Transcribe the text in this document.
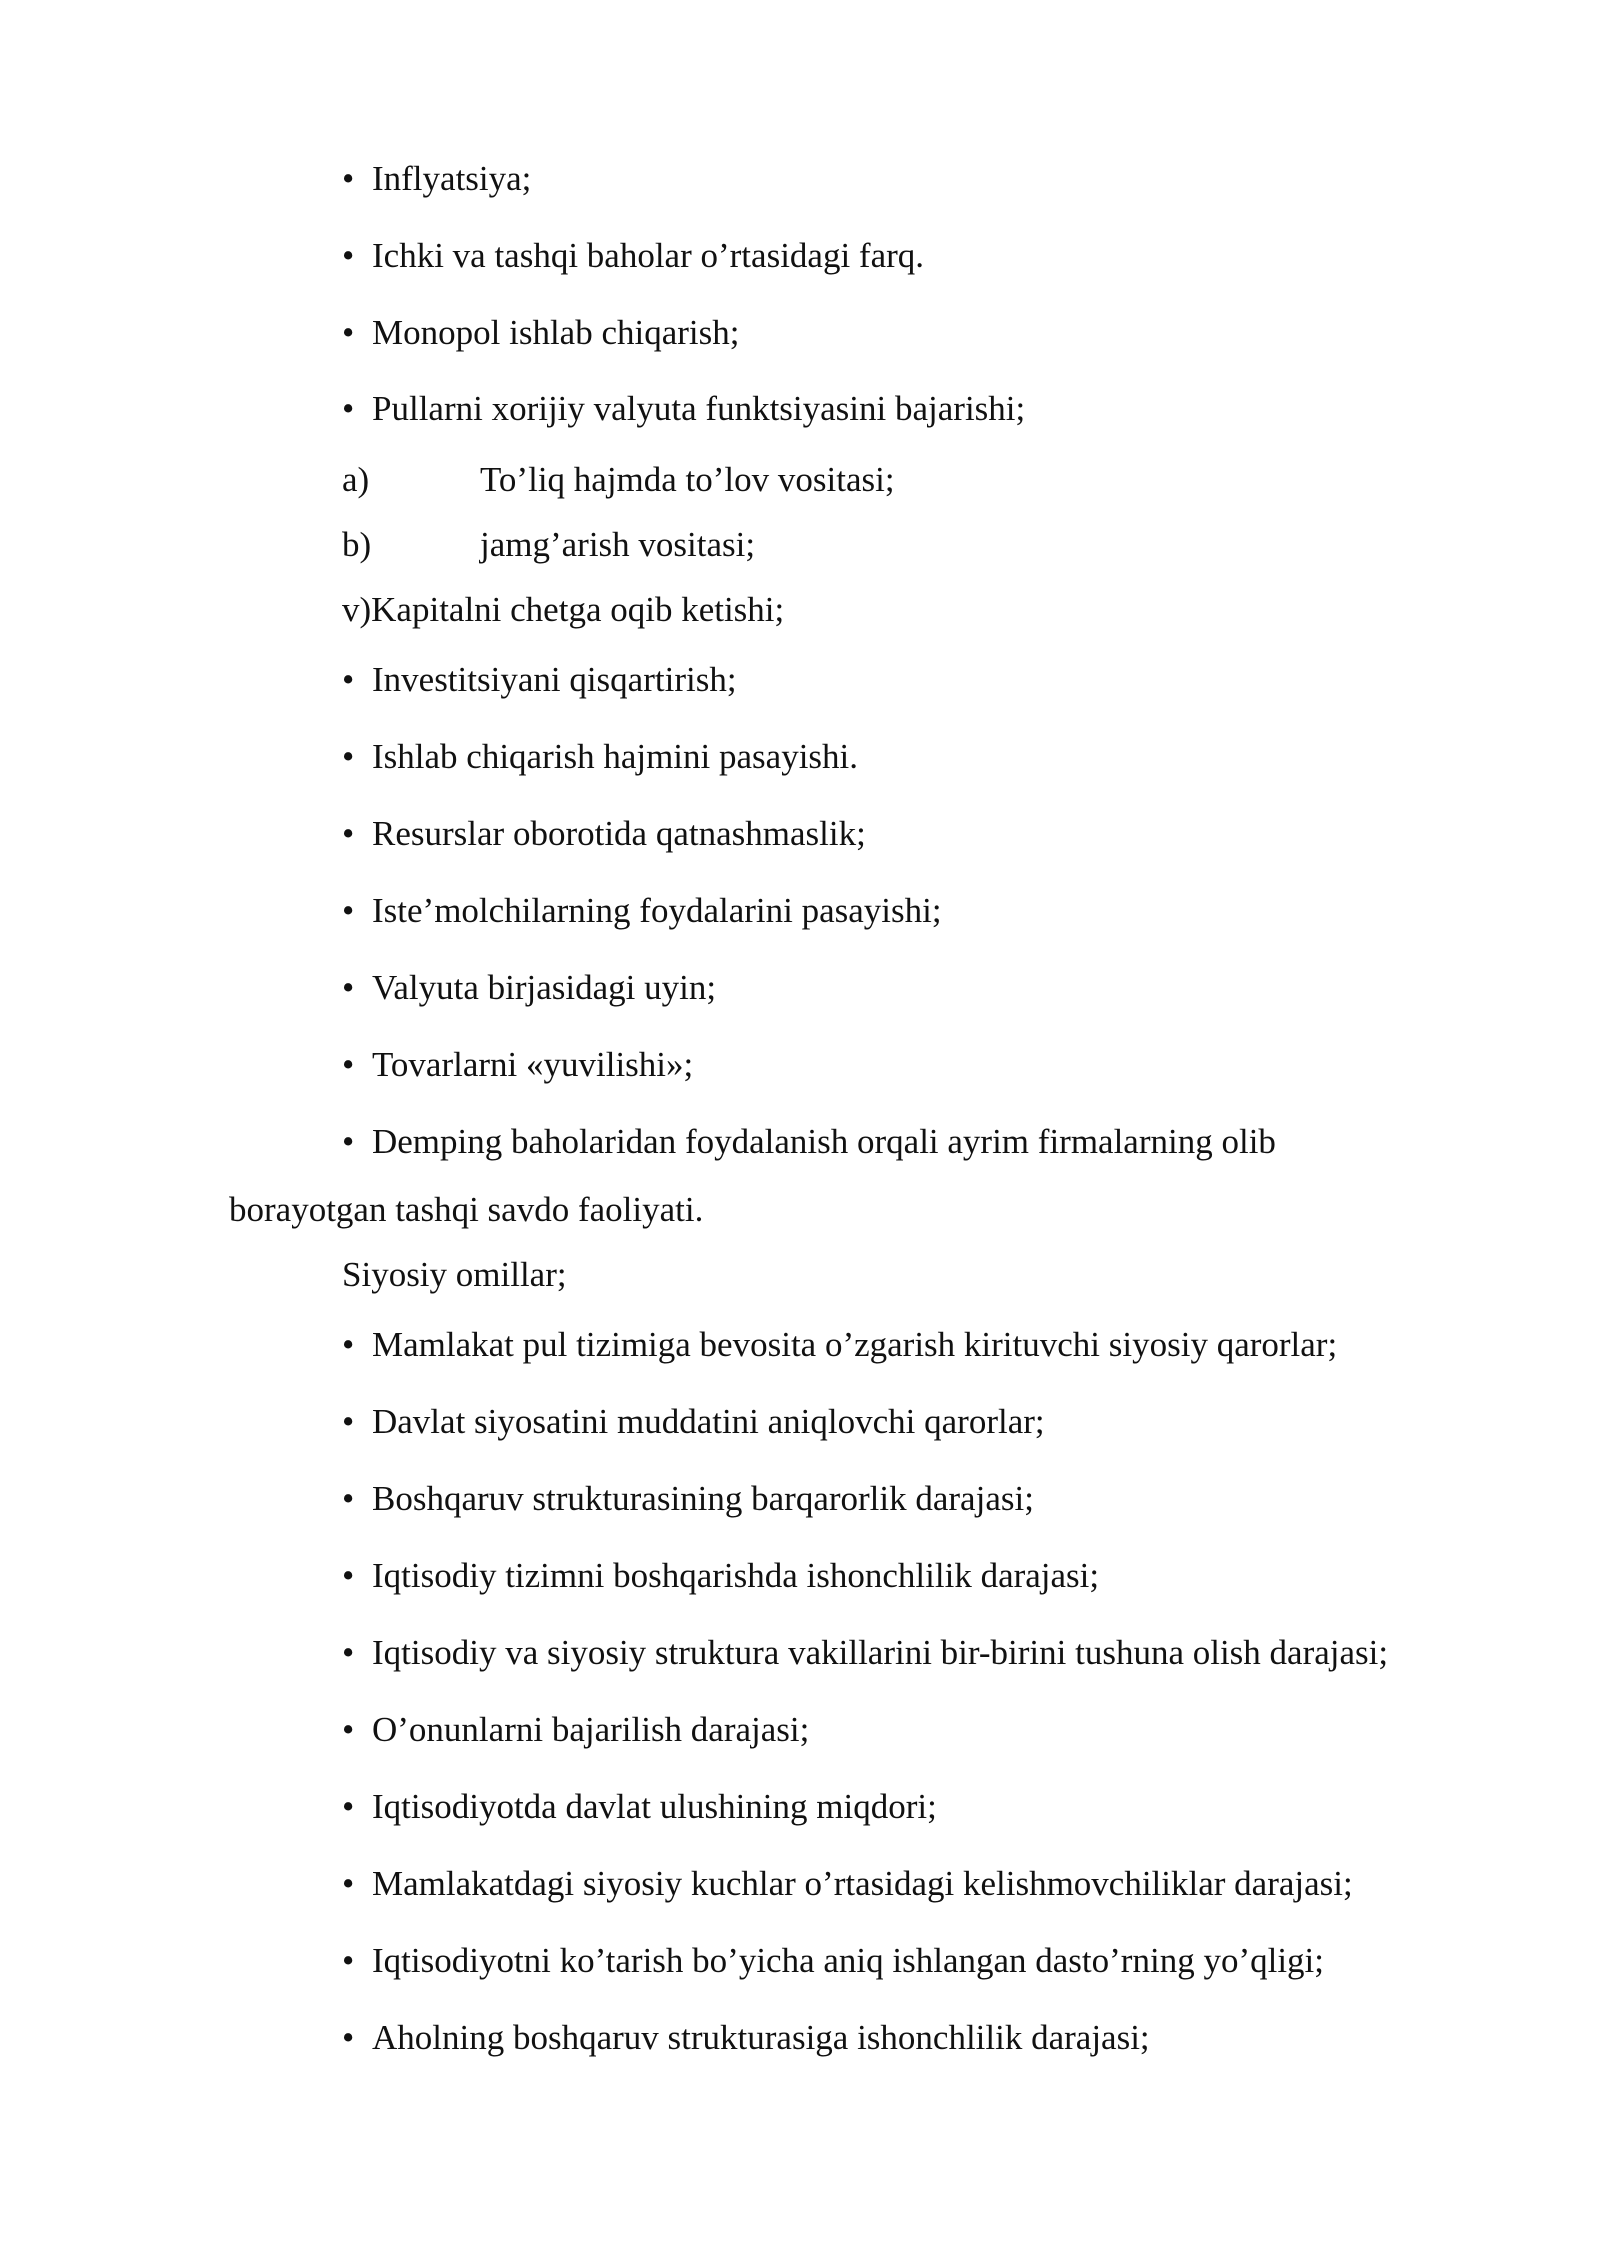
• Inflyatsiya;
• Ichki va tashqi baholar o’rtasidagi farq.
• Monopol ishlab chiqarish;
• Pullarni xorijiy valyuta funktsiyasini bajarishi;
a)	To’liq hajmda to’lov vositasi;
b)	jamg’arish vositasi;
v)Kapitalni chetga oqib ketishi;
• Investitsiyani qisqartirish;
• Ishlab chiqarish hajmini pasayishi.
• Resurslar oborotida qatnashmaslik;
• Iste’molchilarning foydalarini pasayishi;
• Valyuta birjasidagi uyin;
• Tovarlarni «yuvilishi»;
• Demping baholaridan foydalanish orqali ayrim firmalarning olib
borayotgan tashqi savdo faoliyati.
Siyosiy omillar;
• Mamlakat pul tizimiga bevosita o’zgarish kirituvchi siyosiy qarorlar;
• Davlat siyosatini muddatini aniqlovchi qarorlar;
• Boshqaruv strukturasining barqarorlik darajasi;
• Iqtisodiy tizimni boshqarishda ishonchlilik darajasi;
• Iqtisodiy va siyosiy struktura vakillarini bir-birini tushuna olish darajasi;
• O’onunlarni bajarilish darajasi;
• Iqtisodiyotda davlat ulushining miqdori;
• Mamlakatdagi siyosiy kuchlar o’rtasidagi kelishmovchiliklar darajasi;
• Iqtisodiyotni ko’tarish bo’yicha aniq ishlangan dasto’rning yo’qligi;
• Aholning boshqaruv strukturasiga ishonchlilik darajasi;
